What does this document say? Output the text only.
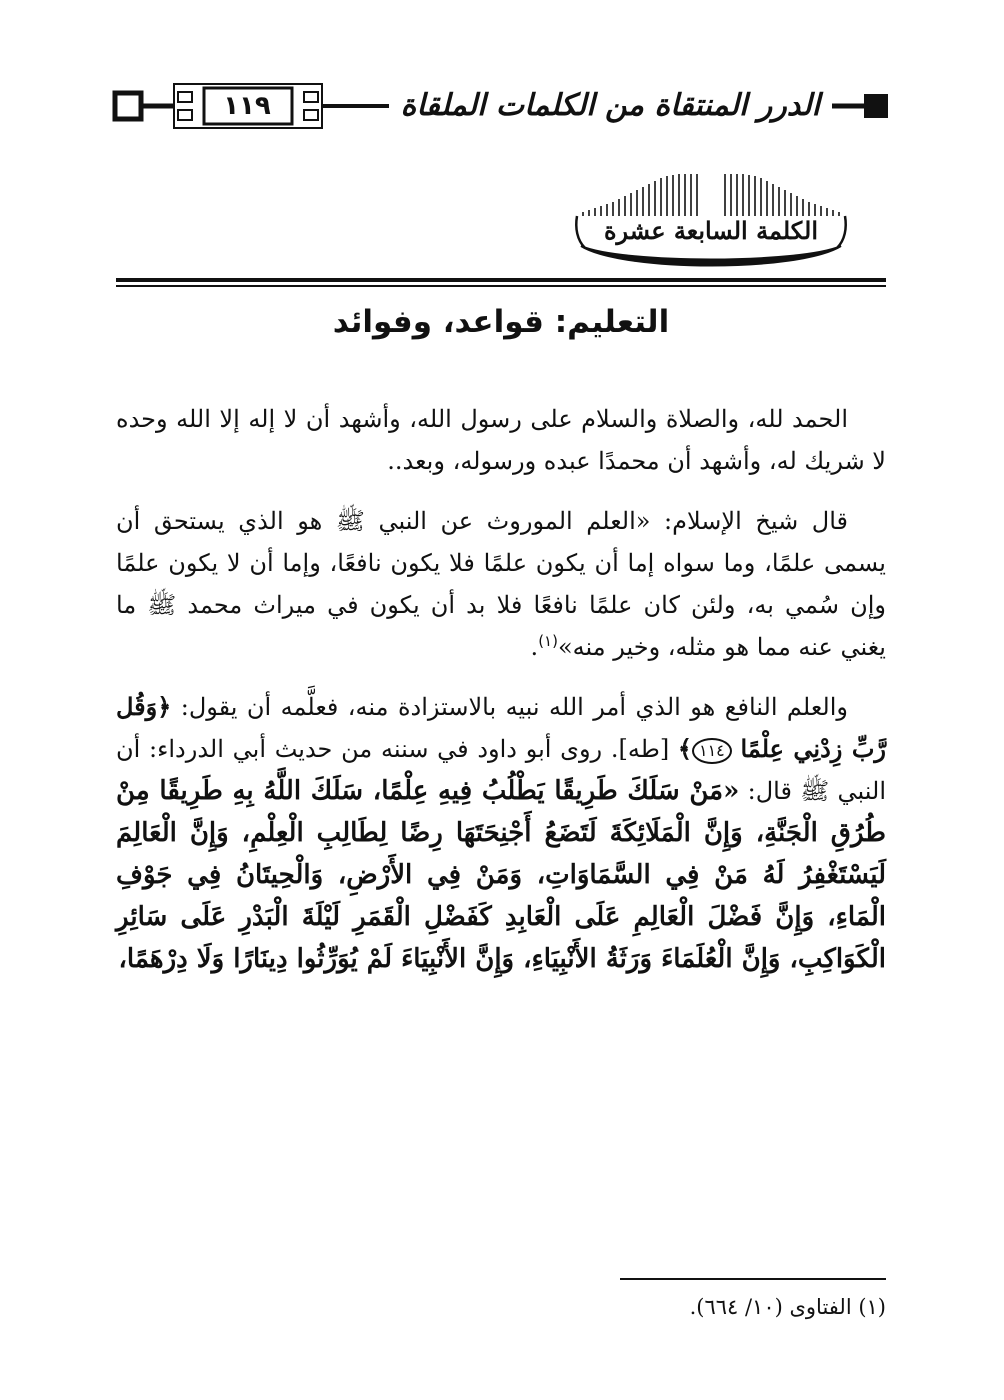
الدرر المنتقاة من الكلمات الملقاة
١١٩
الكلمة السابعة عشرة
التعليم: قواعد، وفوائد

الحمد لله، والصلاة والسلام على رسول الله، وأشهد أن لا إله إلا الله وحده لا شريك له، وأشهد أن محمدًا عبده ورسوله، وبعد..

قال شيخ الإسلام: «العلم الموروث عن النبي ﷺ هو الذي يستحق أن يسمى علمًا، وما سواه إما أن يكون علمًا فلا يكون نافعًا، وإما أن لا يكون علمًا وإن سُمي به، ولئن كان علمًا نافعًا فلا بد أن يكون في ميراث محمد ﷺ ما يغني عنه مما هو مثله، وخير منه»$^{(١)}$.

والعلم النافع هو الذي أمر الله نبيه بالاستزادة منه، فعلَّمه أن يقول: ﴿وَقُل رَّبِّ زِدْنِي عِلْمًا ١١٤﴾ [طه]. روى أبو داود في سننه من حديث أبي الدرداء: أن النبي ﷺ قال: «مَنْ سَلَكَ طَرِيقًا يَطْلُبُ فِيهِ عِلْمًا، سَلَكَ اللَّهُ بِهِ طَرِيقًا مِنْ طُرُقِ الْجَنَّةِ، وَإِنَّ الْمَلَائِكَةَ لَتَضَعُ أَجْنِحَتَهَا رِضًا لِطَالِبِ الْعِلْمِ، وَإِنَّ الْعَالِمَ لَيَسْتَغْفِرُ لَهُ مَنْ فِي السَّمَاوَاتِ، وَمَنْ فِي الأَرْضِ، وَالْحِيتَانُ فِي جَوْفِ الْمَاءِ، وَإِنَّ فَضْلَ الْعَالِمِ عَلَى الْعَابِدِ كَفَضْلِ الْقَمَرِ لَيْلَةَ الْبَدْرِ عَلَى سَائِرِ الْكَوَاكِبِ، وَإِنَّ الْعُلَمَاءَ وَرَثَةُ الأَنْبِيَاءِ، وَإِنَّ الأَنْبِيَاءَ لَمْ يُوَرِّثُوا دِينَارًا وَلَا دِرْهَمًا،

(١) الفتاوى (١٠/ ٦٦٤).
